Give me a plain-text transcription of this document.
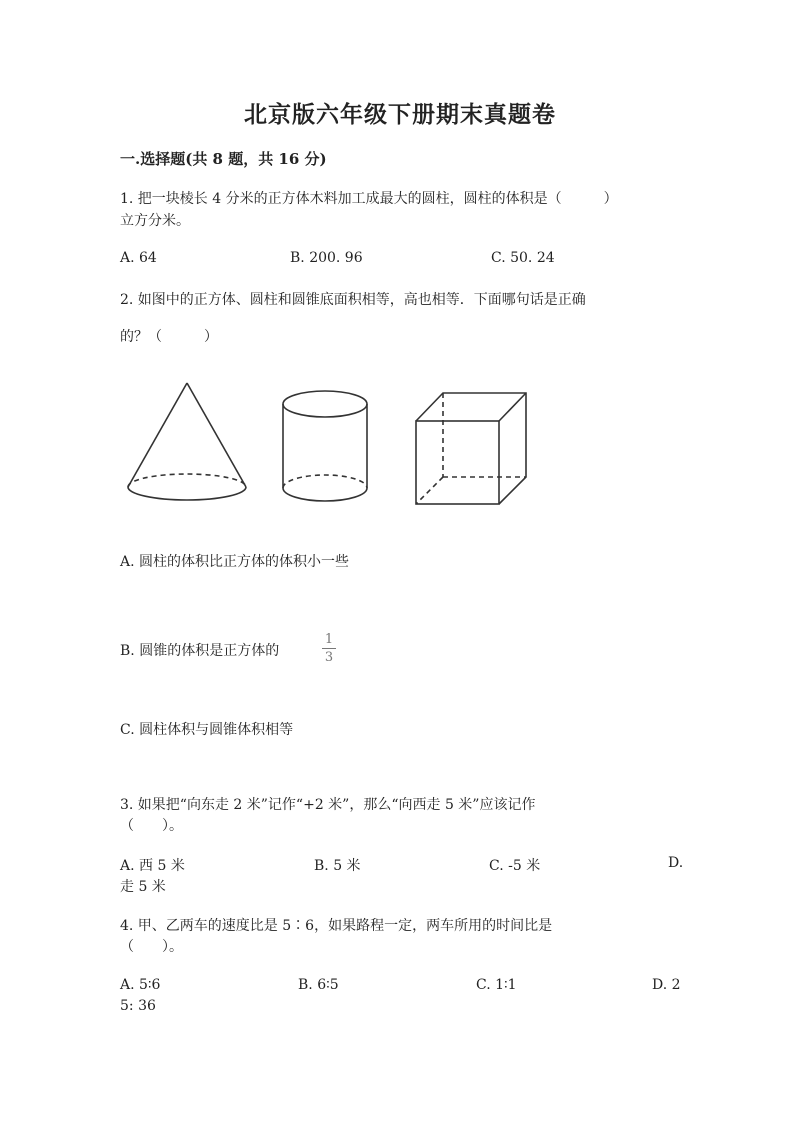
北京版六年级下册期末真题卷
一.选择题(共 8 题，共 16 分)
1. 把一块棱长 4 分米的正方体木料加工成最大的圆柱，圆柱的体积是（　　　）
立方分米。
A. 64	B. 200. 96	C. 50. 24
2. 如图中的正方体、圆柱和圆锥底面积相等，高也相等．下面哪句话是正确
的？（　　　）
A. 圆柱的体积比正方体的体积小一些
B. 圆锥的体积是正方体的
1
3
C. 圆柱体积与圆锥体积相等
3. 如果把“向东走 2 米”记作“+2 米”，那么“向西走 5 米”应该记作
（　　）。
A. 西 5 米	B. 5 米	C. -5 米	D.
走 5 米
4. 甲、乙两车的速度比是 5∶6，如果路程一定，两车所用的时间比是
（　　）。
A. 5∶6	B. 6∶5	C. 1∶1	D. 2
5: 36
